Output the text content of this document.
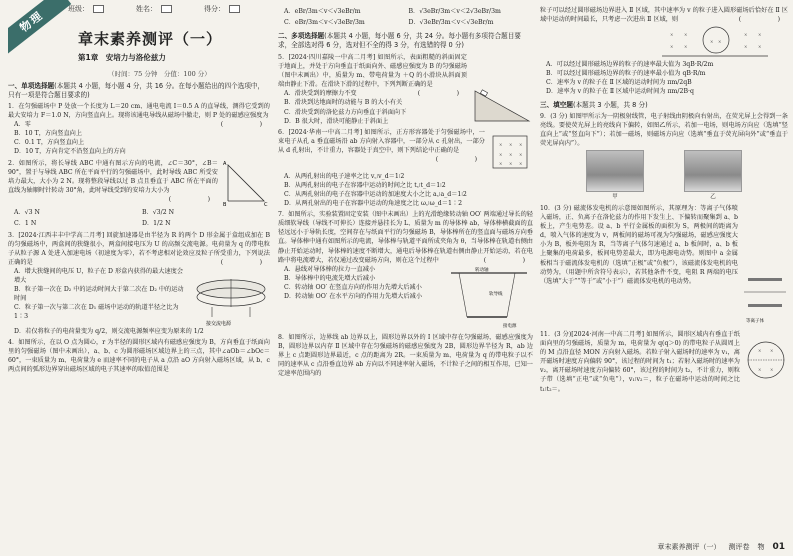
物理	班级：	姓名：	得分：
章末素养测评（一）
第1章　安培力与洛伦兹力
（时间：75 分钟　分值：100 分）
一、单项选择题(本题共 4 小题，每小题 4 分，共 16 分。在每小题给出的四个选项中，只有一项是符合题目要求的)

1．在匀强磁场中 P 处放一个长度为 L＝20 cm、通电电流 I＝0.5 A 的直导线，测得它受到的最大安培力 F＝1.0 N，方向竖直向上。现将该通电导线从磁场中撤走，则 P 处的磁感应强度为
(　　)

A．零

B．10 T，方向竖直向上

C．0.1 T，方向竖直向上

D．10 T，方向肯定不沿竖直向上的方向

2．如图所示，将长导线 ABC 中通有图示方向的电流，∠C＝30°，∠B＝90°，置于与导线 ABC 所在平面平行的匀强磁场中，此时导线 ABC 所受安培力最大，大小为 2 N。现将整段导线以过 B 点且垂直于 ABC 所在平面的直线为轴顺时针转动 30°角，此时导线受到的安培力大小为
(　　)

A
B	C
A．√3 N	B．√3/2 N
C．1 N	D．1/2 N

3．[2024·江西丰丰中学高二月考] 回旋加速器是由半径为 R 的两个 D 形金属于盒组成加在 B 的匀强磁场中，两盒间的狭缝很小，两盒间接电压为 U 的高频交流电源。电荷量为 q 的带电粒子从粒子源 A 处进入加速电场（初速度为零），若不考虑相对论效应及粒子所受重力，下列说法正确的是	(　　)

A．增大狭缝间的电压 U，粒子在 D 形盒内获得的最大速度会增大

B．粒子第一次在 D₂ 中的运动时间大于第二次在 D₂ 中的运动时间

C．粒子第一次与第二次在 D₁ 磁场中运动的轨道半径之比为 1∶3

接交流电源

D．若仅将粒子的电荷量变为 q/2，则交流电源频率应变为原来的 1/2

4．如图所示，在以 O 点为圆心，r 为半径的圆形区域内有磁感应强度为 B，方向垂直于纸面向里的匀强磁场（图中未画出），a、b、c 为圆形磁场区域边界上的三点，其中∠aOb＝∠bOc＝60°，一束质量为 m、电荷量为 e 而速率不同的电子从 a 点沿 aO 方向射入磁场区域，从 b、c 两点间的弧形边界穿出磁场区域的电子其速率的取值范围是

A．eBr/3m＜v＜√3eBr/m	B．√3eBr/3m＜v＜2√3eBr/3m
C．eBr/3m＜v＜√3eBr/3m	D．√3eBr/3m＜v＜√3eBr/m
二、多项选择题(本题共 4 小题，每小题 6 分，共 24 分。每小题有多项符合题目要求，全部选对得 6 分，选对但不全的得 3 分，有选错的得 0 分)

5．[2024·四川嘉陵一中高二月考] 如图所示，表面粗糙的斜面固定于地面上，并处于方向垂直于纸面向外、磁感应强度为 B 的匀强磁场（图中未画出）中，质量为 m、带电荷量为 ＋Q 的小滑块从斜面顶端由静止下滑。在滑块下滑的过程中，下列判断正确的是
(　　)

A．滑块受到的摩擦力不变

B．滑块到达地面时的动能与 B 的大小有关

C．滑块受到的洛伦兹力方向垂直于斜面向下

D．B 很大时，滑块可能静止于斜面上

6．[2024·华南一中高二月考] 如图所示，正方形容器处于匀强磁场中，一束电子从孔 a 垂直磁场沿 ab 方向射入容器中，一部分从 c 孔射出，一部分从 d 孔射出，不计重力，容器处于真空中，则下列结论中正确的是
(　　)

× × ×
× × ×
× × ×

A．从两孔射出的电子速率之比 v꜀∶v_d＝1∶2

B．从两孔射出的电子在容器中运动的时间之比 t꜀∶t_d＝1∶2

C．从两孔射出的电子在容器中运动的加速度大小之比 a꜀∶a_d＝1∶2

D．从两孔射出的电子在容器中运动的角速度之比 ω꜀∶ω_d＝1∶2

7．如图所示，实验装置固定安装（图中未画出）上的光滑绝缘转动轴 OO′ 两端通过导长的轻质细软导线（导线不可伸长）连接并悬挂长为 L、质量为 m 的导体棒 ab，导体棒横截面的直径远远小于导轨长度，空间存在与纸面平行的匀强磁场 B，导体棒所在的竖直面与磁场方向垂直。导体棒中通有如图所示的电流，导体棒与轨道平面所成夹角为 θ，当导体棒在轨道右侧由静止开始运动时，导体棒的速度不断增大，通电后导体棒在轨道右侧由静止开始运动，若在电路中将电流增大，若仅通过改变磁场方向，则在这个过程中	(　　)

A．悬线对导体棒的拉力一直减小

B．导体棒中的电流先增大后减小

C．转动轴 OO′ 在竖直方向的作用力先增大后减小

D．转动轴 OO′ 在水平方向的作用力先增大后减小

转动轴
软导线
接电源

8．如图所示，边界线 ab 边界以上，圆形边界以外的 Ⅰ 区域中存在匀强磁场，磁感应强度为 B，圆形边界以内存 Ⅱ 区域中存在匀强磁场的磁感应强度为 2B，圆形边界半径为 R，ab 边界上 c 点距圆形边界最近，c 点的距离为 2R。一束质量为 m、电荷量为 q 的带电粒子以不同的速率从 c 点沿垂直边界 ab 方向以不同速率射入磁场，不计粒子之间的相互作用，已知一定速率范围内的

粒子可以经过圆形磁场边界进入 Ⅱ 区域，其中速率为 v 的粒子进入圆形磁场后恰好在 Ⅱ 区域中运动的时间最长，只考虑一次进出 Ⅱ 区域，则	(　　)

×	×	×	×
×	×	×	×
× ×

A．可以经过圆形磁场边界的粒子的速率最大值为 3qB·R/2m

B．可以经过圆形磁场边界的粒子的速率最小值为 qB·R/m

C．速率为 v 的粒子在 Ⅱ 区域的运动时间为 πm/2qB

D．速率为 v 的粒子在 Ⅱ 区域中运动时间为 πm/2B·q

三、填空题(本题共 3 小题，共 8 分)

9．(3 分) 如图甲所示为一阴极射线管，电子射线由阴极向右射出，在荧光屏上会得到一条亮线。要使荧光屏上的亮线向下偏转，如图乙所示，若加一电场，则电场方向应（选填“竖直向上”或“竖直向下”）；若加一磁场，则磁场方向应（选填“垂直于荧光屏向外”或“垂直于荧光屏向内”）。

甲	乙

10．(3 分) 磁流体发电机的示意图如图所示，其原理为：等离子气体喷入磁场，正、负离子在洛伦兹力的作用下发生上、下偏转而聚集到 a、b 板上，产生电势差。设 a、b 平行金属板的面积为 S，两极间的距离为 d，喷入气体的速度为 v，两板间的磁场可视为匀强磁场，磁感应强度大小为 B，板外电阻为 R，当等离子气体匀速通过 a、b 板间时，a、b 板上聚集的电荷最多，板间电势差最大，即为电源电动势。则图中 a 金属板相当于磁流体发电机的（选填“正极”或“负极”），该磁流体发电机的电动势为，（用题中所含符号表示），若其他条件不变，电阻 R 两端的电压（选填“大于”“等于”或“小于”）磁流体发电机的电动势。

等离子体

11．(3 分)[2024·河南一中高二月考] 如图所示，圆形区域内有垂直于纸面向里的匀强磁场，质量为 m，电荷量为 q(q＞0) 的带电粒子从圆周上的 M 点沿直径 MON 方向射入磁场。若粒子射入磁场时的速率为 v₁，离开磁场时速度方向偏转 90°，该过程的时间为 t₁；若射入磁场时的速率为 v₂，离开磁场时速度方向偏转 60°，该过程的时间为 t₂，不计重力，则粒子带（选填“正电”或“负电”），v₁∶v₂＝，粒子在磁场中运动的时间之比 t₁∶t₂＝。

× ×
× ×
章末素养测评（一） 测评卷 物 01
